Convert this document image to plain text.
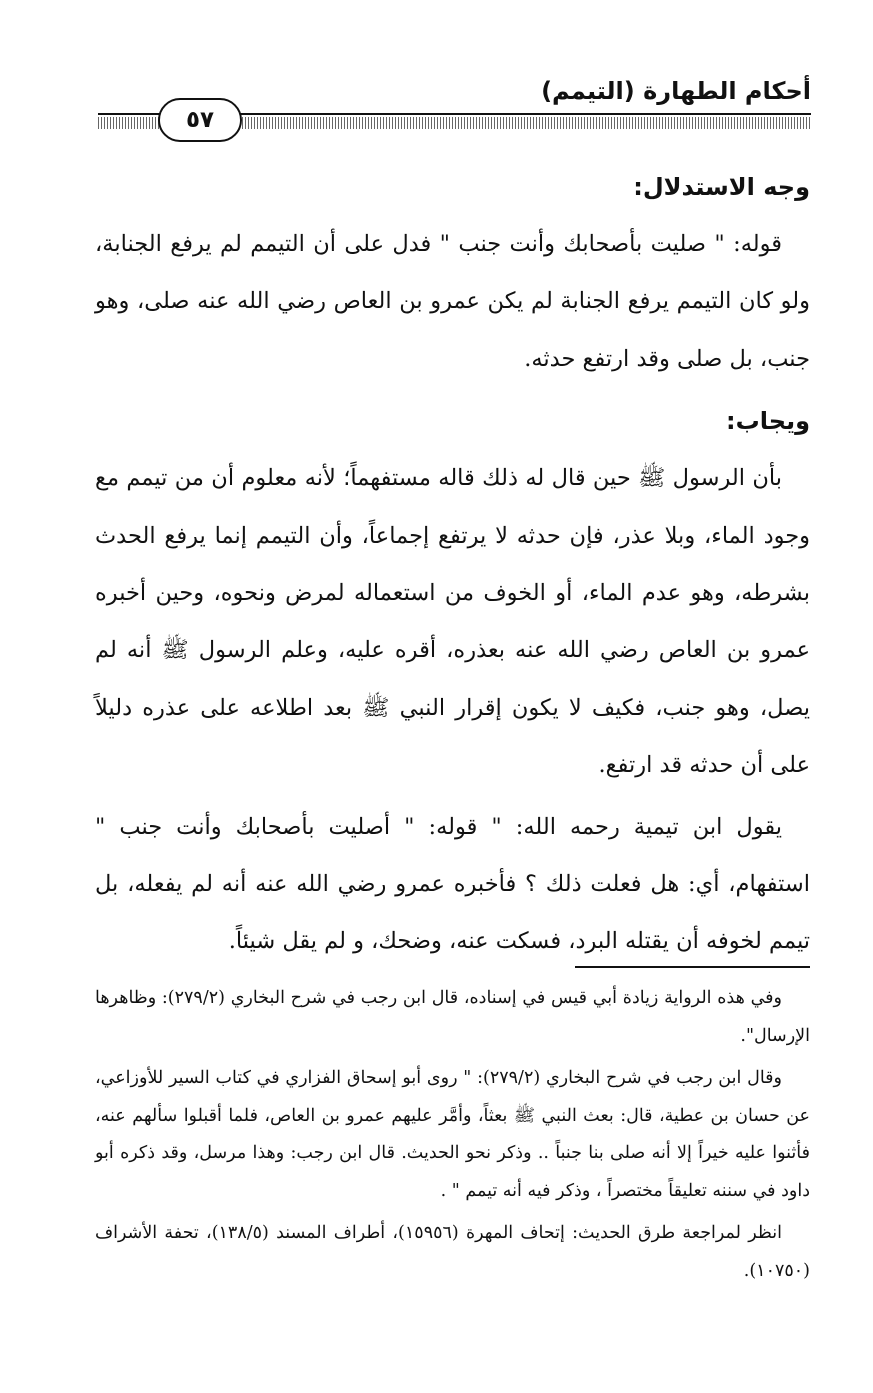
أحكام الطهارة (التيمم)
٥٧
وجه الاستدلال:

قوله: " صليت بأصحابك وأنت جنب " فدل على أن التيمم لم يرفع الجنابة، ولو كان التيمم يرفع الجنابة لم يكن عمرو بن العاص رضي الله عنه صلى، وهو جنب، بل صلى وقد ارتفع حدثه.

ويجاب:

بأن الرسول ﷺ حين قال له ذلك قاله مستفهماً؛ لأنه معلوم أن من تيمم مع وجود الماء، وبلا عذر، فإن حدثه لا يرتفع إجماعاً، وأن التيمم إنما يرفع الحدث بشرطه، وهو عدم الماء، أو الخوف من استعماله لمرض ونحوه، وحين أخبره عمرو بن العاص رضي الله عنه بعذره، أقره عليه، وعلم الرسول ﷺ أنه لم يصل، وهو جنب، فكيف لا يكون إقرار النبي ﷺ بعد اطلاعه على عذره دليلاً على أن حدثه قد ارتفع.

يقول ابن تيمية رحمه الله: " قوله: " أصليت بأصحابك وأنت جنب " استفهام، أي: هل فعلت ذلك ؟ فأخبره عمرو رضي الله عنه أنه لم يفعله، بل تيمم لخوفه أن يقتله البرد، فسكت عنه، وضحك، و لم يقل شيئاً.

وفي هذه الرواية زيادة أبي قيس في إسناده، قال ابن رجب في شرح البخاري (٢٧٩/٢): وظاهرها الإرسال".

وقال ابن رجب في شرح البخاري (٢٧٩/٢): " روى أبو إسحاق الفزاري في كتاب السير للأوزاعي، عن حسان بن عطية، قال: بعث النبي ﷺ بعثاً، وأمَّر عليهم عمرو بن العاص، فلما أقبلوا سألهم عنه، فأثنوا عليه خيراً إلا أنه صلى بنا جنباً .. وذكر نحو الحديث. قال ابن رجب: وهذا مرسل، وقد ذكره أبو داود في سننه تعليقاً مختصراً ، وذكر فيه أنه تيمم " .

انظر لمراجعة طرق الحديث: إتحاف المهرة (١٥٩٥٦)، أطراف المسند (١٣٨/٥)، تحفة الأشراف (١٠٧٥٠).
